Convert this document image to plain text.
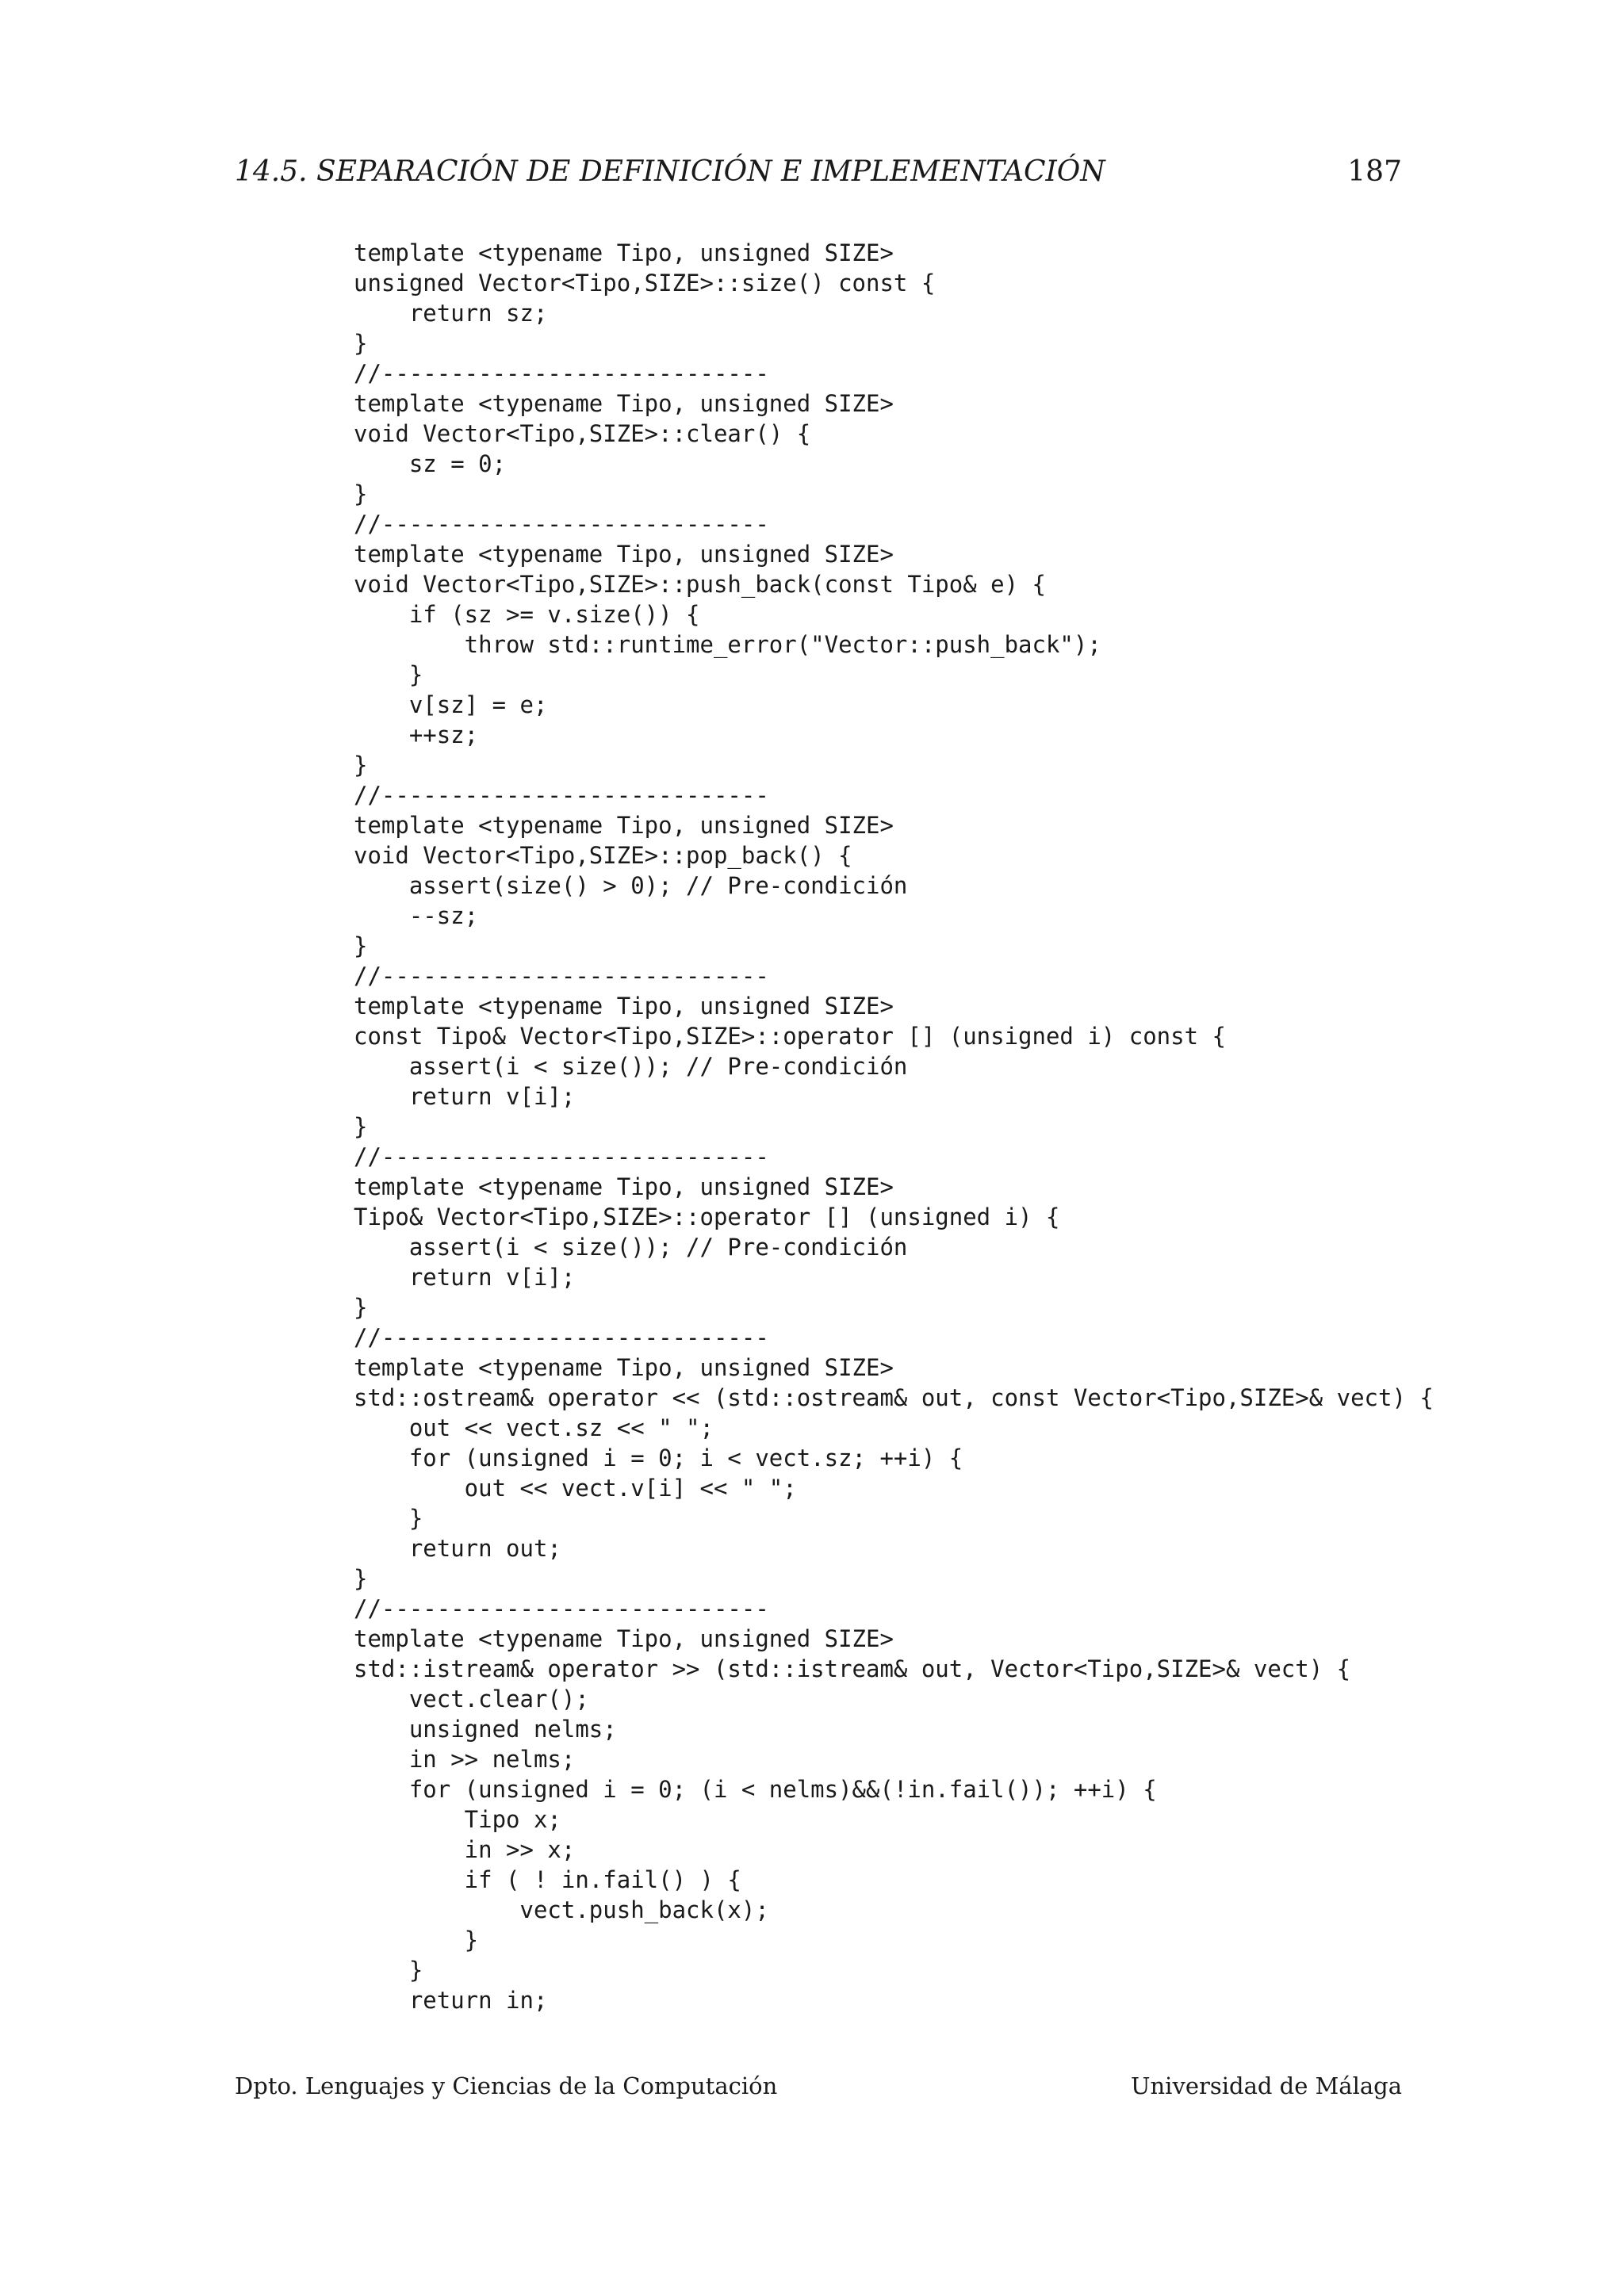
14.5. SEPARACIÓN DE DEFINICIÓN E IMPLEMENTACIÓN	187
template <typename Tipo, unsigned SIZE>
unsigned Vector<Tipo,SIZE>::size() const {
return sz;
}
//----------------------------
template <typename Tipo, unsigned SIZE>
void Vector<Tipo,SIZE>::clear() {
sz = 0;
}
//----------------------------
template <typename Tipo, unsigned SIZE>
void Vector<Tipo,SIZE>::push_back(const Tipo& e) {
if (sz >= v.size()) {
throw std::runtime_error("Vector::push_back");
}
v[sz] = e;
++sz;
}
//----------------------------
template <typename Tipo, unsigned SIZE>
void Vector<Tipo,SIZE>::pop_back() {
assert(size() > 0); // Pre-condición
--sz;
}
//----------------------------
template <typename Tipo, unsigned SIZE>
const Tipo& Vector<Tipo,SIZE>::operator [] (unsigned i) const {
assert(i < size()); // Pre-condición
return v[i];
}
//----------------------------
template <typename Tipo, unsigned SIZE>
Tipo& Vector<Tipo,SIZE>::operator [] (unsigned i) {
assert(i < size()); // Pre-condición
return v[i];
}
//----------------------------
template <typename Tipo, unsigned SIZE>
std::ostream& operator << (std::ostream& out, const Vector<Tipo,SIZE>& vect) {
out << vect.sz << " ";
for (unsigned i = 0; i < vect.sz; ++i) {
out << vect.v[i] << " ";
}
return out;
}
//----------------------------
template <typename Tipo, unsigned SIZE>
std::istream& operator >> (std::istream& out, Vector<Tipo,SIZE>& vect) {
vect.clear();
unsigned nelms;
in >> nelms;
for (unsigned i = 0; (i < nelms)&&(!in.fail()); ++i) {
Tipo x;
in >> x;
if ( ! in.fail() ) {
vect.push_back(x);
}
}
return in;
Dpto. Lenguajes y Ciencias de la Computación	Universidad de Málaga
